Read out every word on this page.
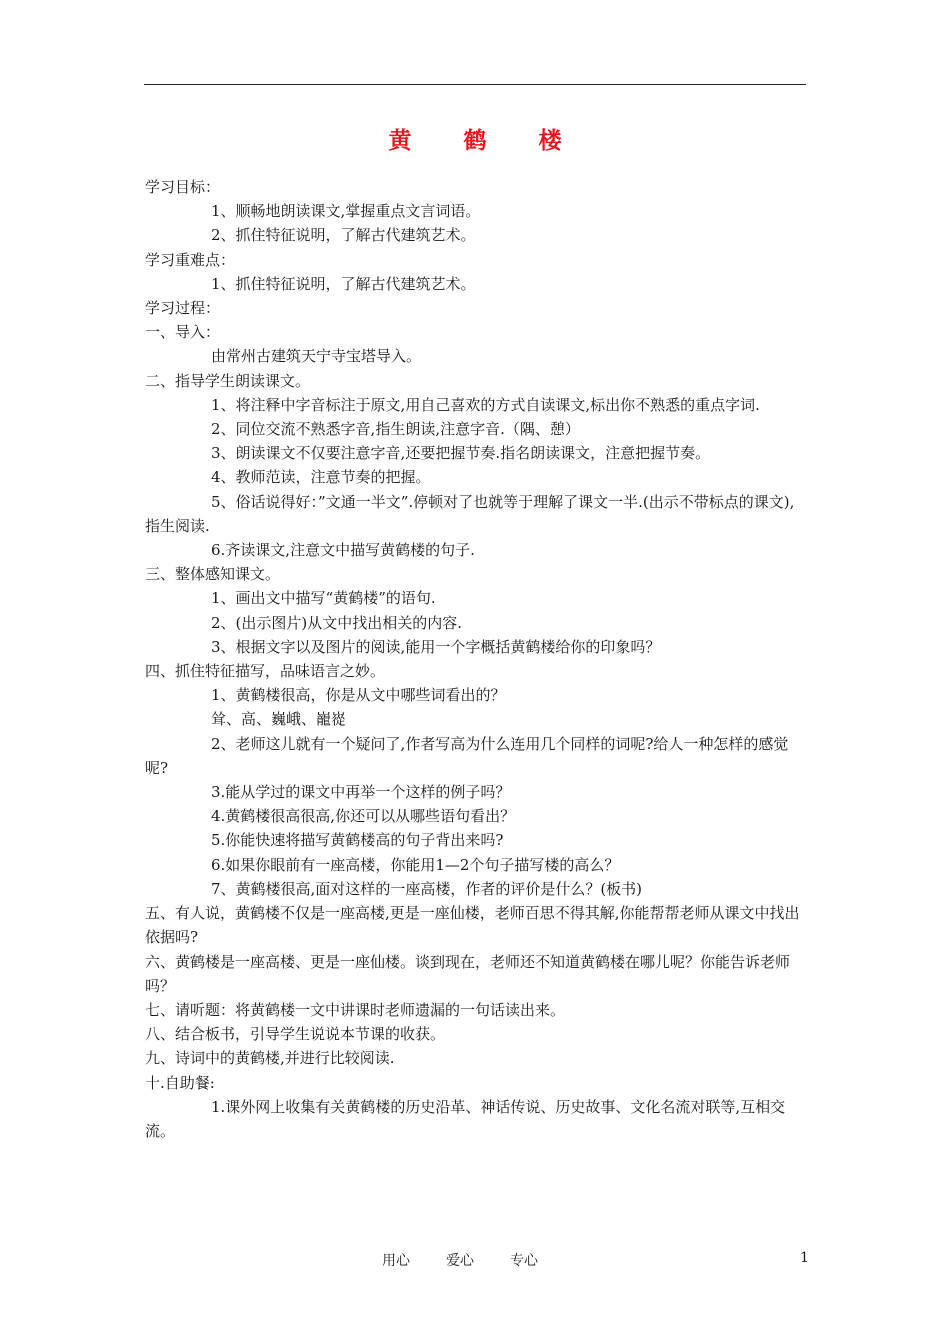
黄鹤楼

学习目标：

1、顺畅地朗读课文,掌握重点文言词语。

2、抓住特征说明，了解古代建筑艺术。

学习重难点：

1、抓住特征说明，了解古代建筑艺术。

学习过程：

一、导入：

由常州古建筑天宁寺宝塔导入。

二、指导学生朗读课文。

1、将注释中字音标注于原文,用自己喜欢的方式自读课文,标出你不熟悉的重点字词.

2、同位交流不熟悉字音,指生朗读,注意字音.（隅、憩）

3、朗读课文不仅要注意字音,还要把握节奏.指名朗读课文，注意把握节奏。

4、教师范读，注意节奏的把握。

5、俗话说得好：”文通一半文”.停顿对了也就等于理解了课文一半.(出示不带标点的课文),指生阅读.

6.齐读课文,注意文中描写黄鹤楼的句子.

三、整体感知课文。

1、画出文中描写“黄鹤楼”的语句.

2、(出示图片)从文中找出相关的内容.

3、根据文字以及图片的阅读,能用一个字概括黄鹤楼给你的印象吗？

四、抓住特征描写，品味语言之妙。

1、黄鹤楼很高，你是从文中哪些词看出的？

耸、高、巍峨、巃嵸

2、老师这儿就有一个疑问了,作者写高为什么连用几个同样的词呢?给人一种怎样的感觉呢?

3.能从学过的课文中再举一个这样的例子吗？

4.黄鹤楼很高很高,你还可以从哪些语句看出？

5.你能快速将描写黄鹤楼高的句子背出来吗?

6.如果你眼前有一座高楼，你能用1—2个句子描写楼的高么？

7、黄鹤楼很高,面对这样的一座高楼，作者的评价是什么？(板书)

五、有人说，黄鹤楼不仅是一座高楼,更是一座仙楼，老师百思不得其解,你能帮帮老师从课文中找出依据吗?

六、黄鹤楼是一座高楼、更是一座仙楼。谈到现在，老师还不知道黄鹤楼在哪儿呢？你能告诉老师吗？

七、请听题：将黄鹤楼一文中讲课时老师遗漏的一句话读出来。

八、结合板书，引导学生说说本节课的收获。

九、诗词中的黄鹤楼,并进行比较阅读.

十.自助餐:

1.课外网上收集有关黄鹤楼的历史沿革、神话传说、历史故事、文化名流对联等,互相交流。

用心	爱心	专心	1
